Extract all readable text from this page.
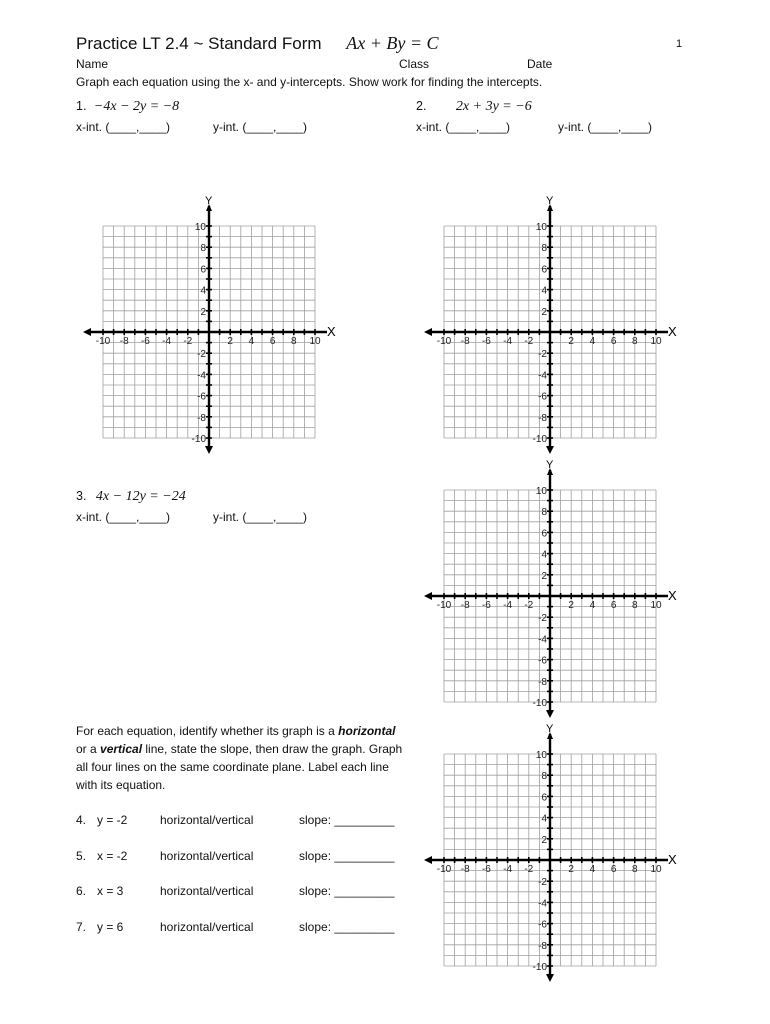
Practice LT 2.4 ~ Standard Form Ax + By = C	1
Name	Class	Date
Graph each equation using the x- and y-intercepts. Show work for finding the intercepts.
1. −4x − 2y = −8
x-int. (____,____)	y-int. (____,____)
2. 2x + 3y = −6
x-int. (____,____)	y-int. (____,____)
3. 4x − 12y = −24
x-int. (____,____)	y-int. (____,____)
For each equation, identify whether its graph is a horizontal or a vertical line, state the slope, then draw the graph. Graph all four lines on the same coordinate plane. Label each line with its equation.
4. y = -2	horizontal/vertical	slope: _________
5. x = -2	horizontal/vertical	slope: _________
6. x = 3	horizontal/vertical	slope: _________
7. y = 6	horizontal/vertical	slope: _________
X
Y
-10 -8 -6 -4 -2	2 4 6 8 10
10
8
6
4
2
-2
-4
-6
-8
-10
X
Y
-10 -8 -6 -4 -2	2 4 6 8 10
10
8
6
4
2
-2
-4
-6
-8
-10
X
Y
-10 -8 -6 -4 -2	2 4 6 8 10
10
8
6
4
2
-2
-4
-6
-8
-10
X
Y
-10 -8 -6 -4 -2	2 4 6 8 10
10
8
6
4
2
-2
-4
-6
-8
-10
